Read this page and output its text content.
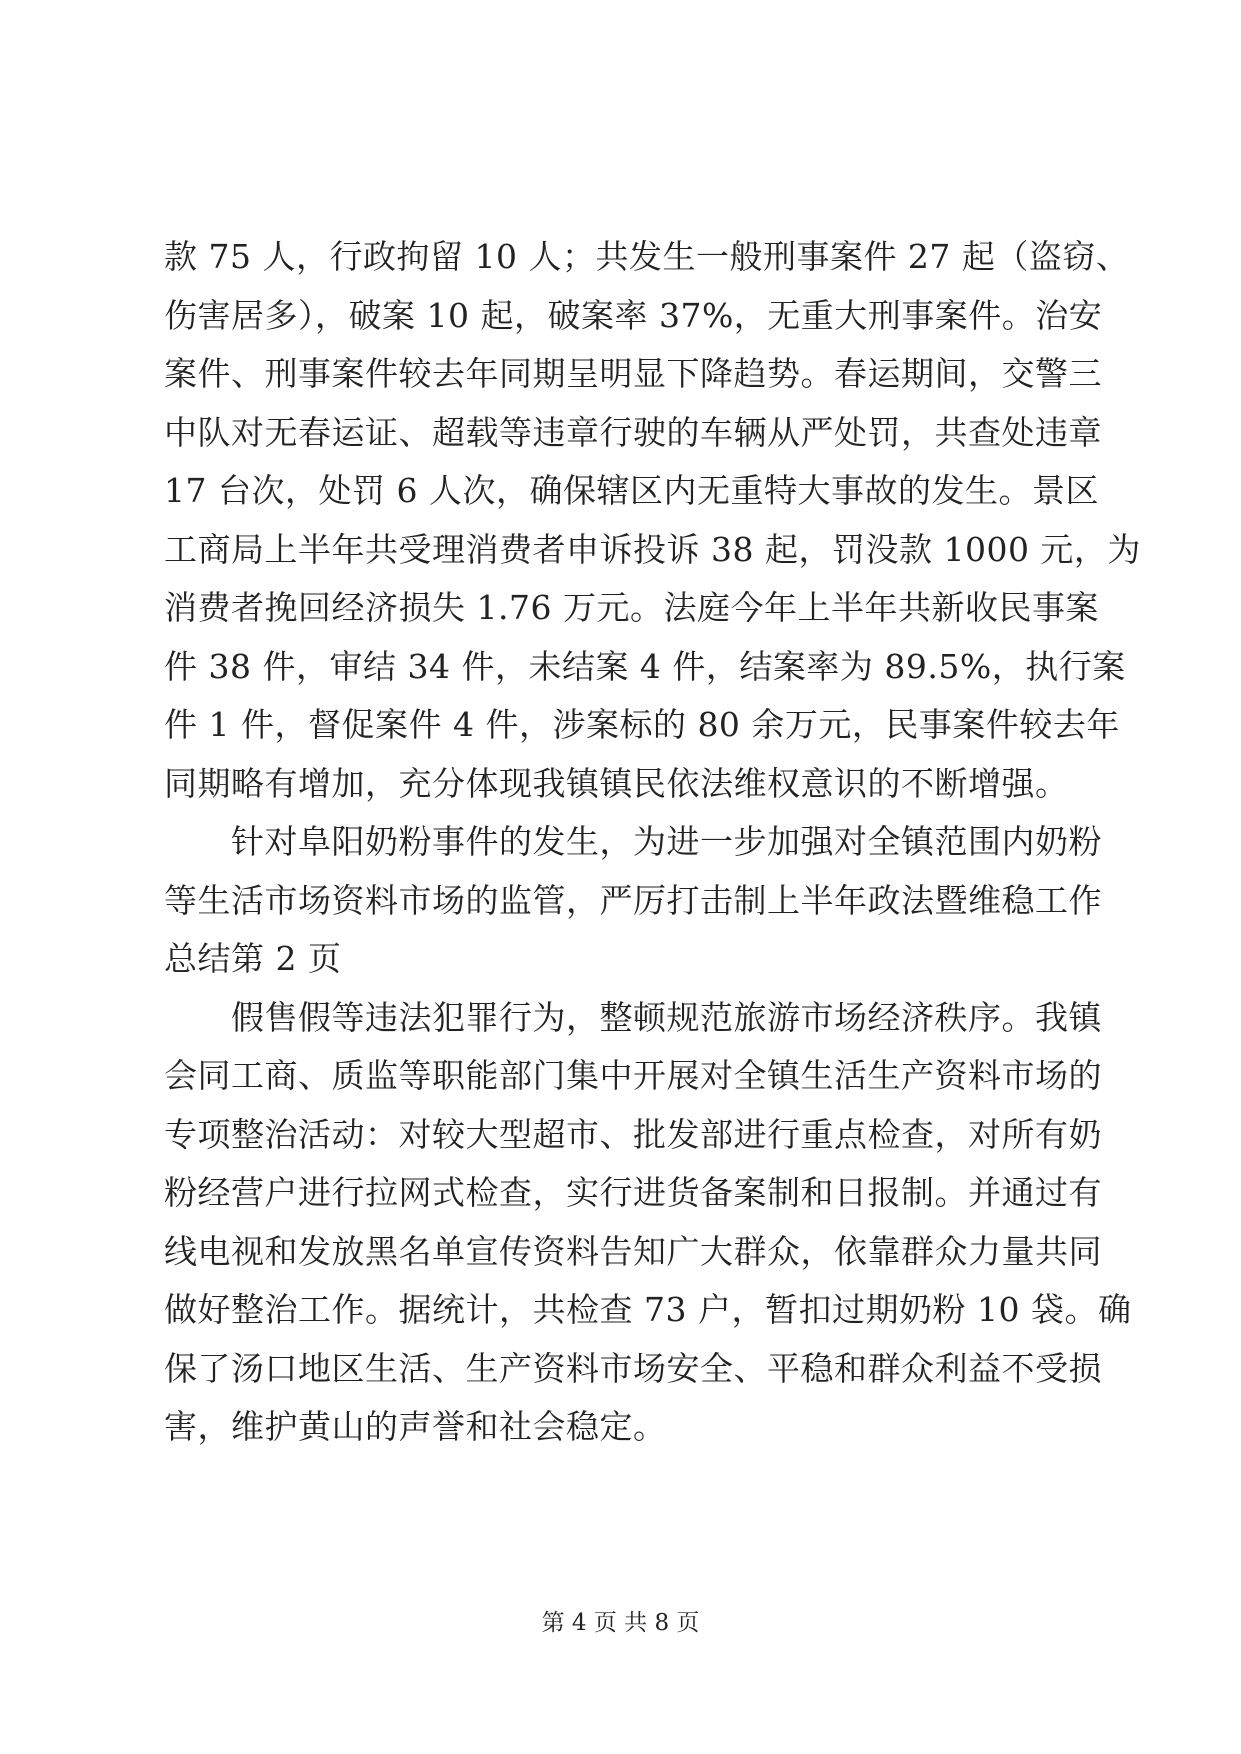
款 75 人，行政拘留 10 人；共发生一般刑事案件 27 起（盗窃、
伤害居多），破案 10 起，破案率 37%，无重大刑事案件。治安
案件、刑事案件较去年同期呈明显下降趋势。春运期间，交警三
中队对无春运证、超载等违章行驶的车辆从严处罚，共查处违章
17 台次，处罚 6 人次，确保辖区内无重特大事故的发生。景区
工商局上半年共受理消费者申诉投诉 38 起，罚没款 1000 元，为
消费者挽回经济损失 1.76 万元。法庭今年上半年共新收民事案
件 38 件，审结 34 件，未结案 4 件，结案率为 89.5%，执行案
件 1 件，督促案件 4 件，涉案标的 80 余万元，民事案件较去年
同期略有增加，充分体现我镇镇民依法维权意识的不断增强。
　　针对阜阳奶粉事件的发生，为进一步加强对全镇范围内奶粉
等生活市场资料市场的监管，严厉打击制上半年政法暨维稳工作
总结第 2 页
　　假售假等违法犯罪行为，整顿规范旅游市场经济秩序。我镇
会同工商、质监等职能部门集中开展对全镇生活生产资料市场的
专项整治活动：对较大型超市、批发部进行重点检查，对所有奶
粉经营户进行拉网式检查，实行进货备案制和日报制。并通过有
线电视和发放黑名单宣传资料告知广大群众，依靠群众力量共同
做好整治工作。据统计，共检查 73 户，暂扣过期奶粉 10 袋。确
保了汤口地区生活、生产资料市场安全、平稳和群众利益不受损
害，维护黄山的声誉和社会稳定。
第 4 页 共 8 页
